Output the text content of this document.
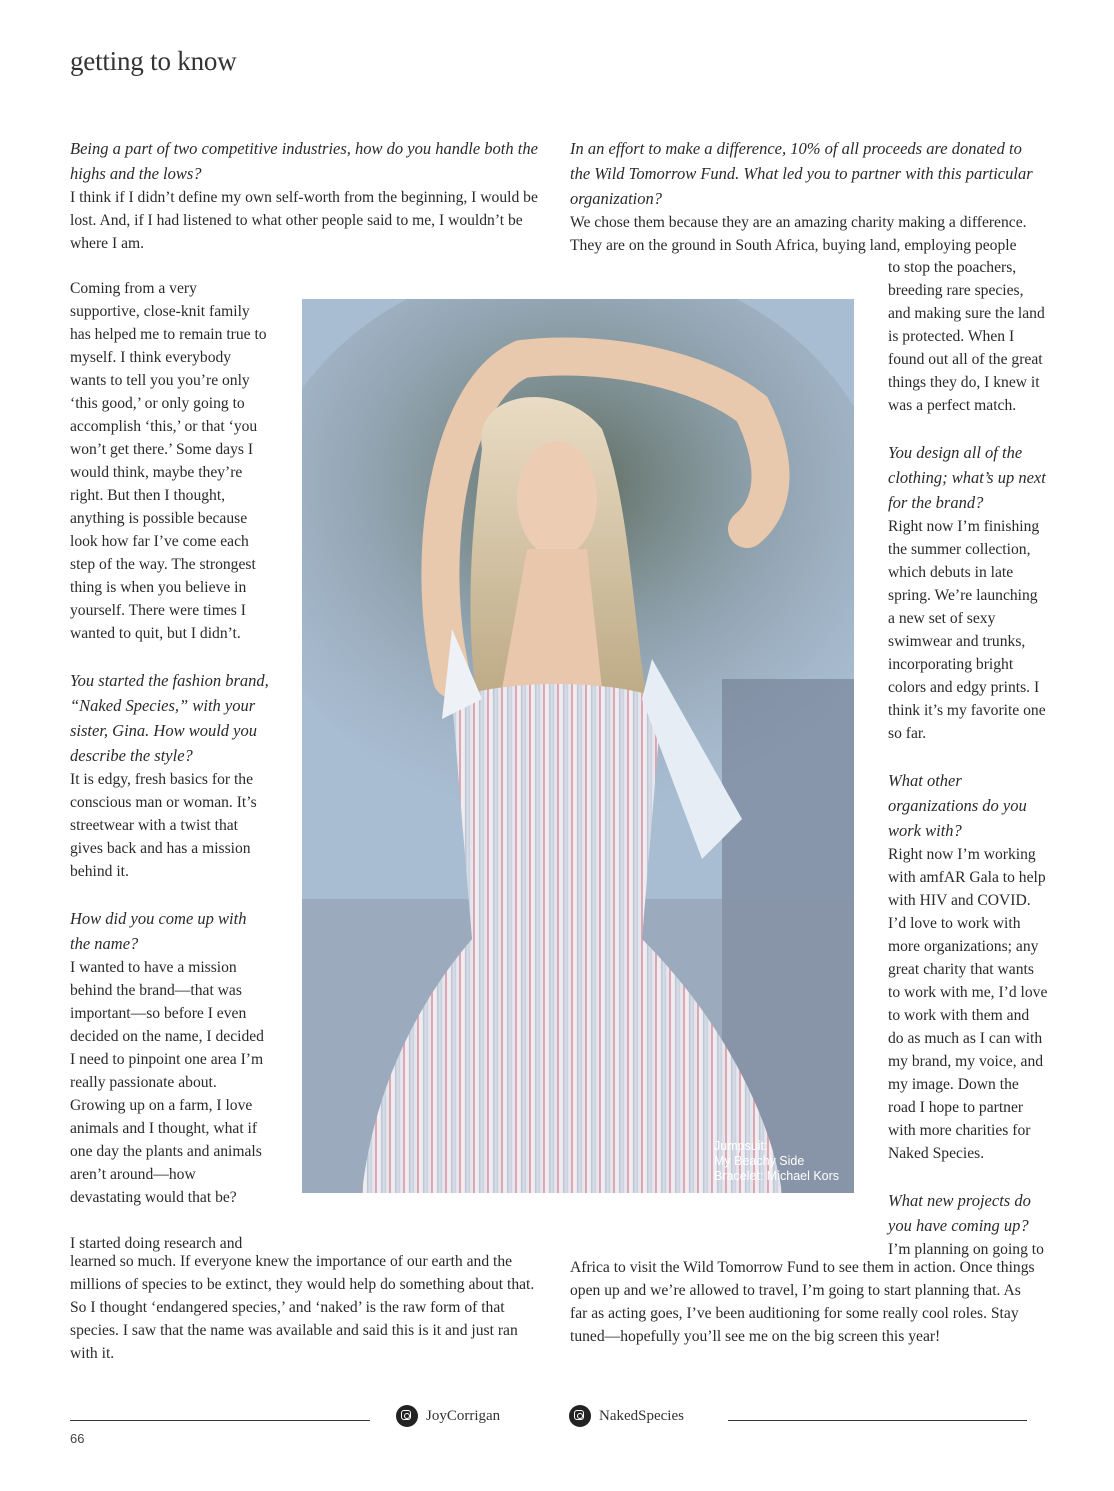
getting to know

Being a part of two competitive industries, how do you handle both the highs and the lows?

I think if I didn’t define my own self-worth from the beginning, I would be lost. And, if I had listened to what other people said to me, I wouldn’t be where I am.

In an effort to make a difference, 10% of all proceeds are donated to the Wild Tomorrow Fund. What led you to partner with this particular organization?

We chose them because they are an amazing charity making a difference. They are on the ground in South Africa, buying land, employing people

Coming from a very supportive, close-knit family has helped me to remain true to myself. I think everybody wants to tell you you’re only ‘this good,’ or only going to accomplish ‘this,’ or that ‘you won’t get there.’ Some days I would think, maybe they’re right. But then I thought, anything is possible because look how far I’ve come each step of the way. The strongest thing is when you believe in yourself. There were times I wanted to quit, but I didn’t.

You started the fashion brand, “Naked Species,” with your sister, Gina. How would you describe the style?

It is edgy, fresh basics for the conscious man or woman. It’s streetwear with a twist that gives back and has a mission behind it.

How did you come up with the name?

I wanted to have a mission behind the brand—that was important—so before I even decided on the name, I decided I need to pinpoint one area I’m really passionate about. Growing up on a farm, I love animals and I thought, what if one day the plants and animals aren’t around—how devastating would that be?

I started doing research and

learned so much. If everyone knew the importance of our earth and the millions of species to be extinct, they would help do something about that. So I thought ‘endangered species,’ and ‘naked’ is the raw form of that species. I saw that the name was available and said this is it and just ran with it.

to stop the poachers, breeding rare species, and making sure the land is protected. When I found out all of the great things they do, I knew it was a perfect match.

You design all of the clothing; what’s up next for the brand?

Right now I’m finishing the summer collection, which debuts in late spring. We’re launching a new set of sexy swimwear and trunks, incorporating bright colors and edgy prints. I think it’s my favorite one so far.

What other organizations do you work with?

Right now I’m working with amfAR Gala to help with HIV and COVID. I’d love to work with more organizations; any great charity that wants to work with me, I’d love to work with them and do as much as I can with my brand, my voice, and my image. Down the road I hope to partner with more charities for Naked Species.

What new projects do you have coming up?

I’m planning on going to

Africa to visit the Wild Tomorrow Fund to see them in action. Once things open up and we’re allowed to travel, I’m going to start planning that. As far as acting goes, I’ve been auditioning for some really cool roles. Stay tuned—hopefully you’ll see me on the big screen this year!

Jumpsuit:
My Beachy Side
Bracelet: Michael Kors
JoyCorrigan	NakedSpecies
66
